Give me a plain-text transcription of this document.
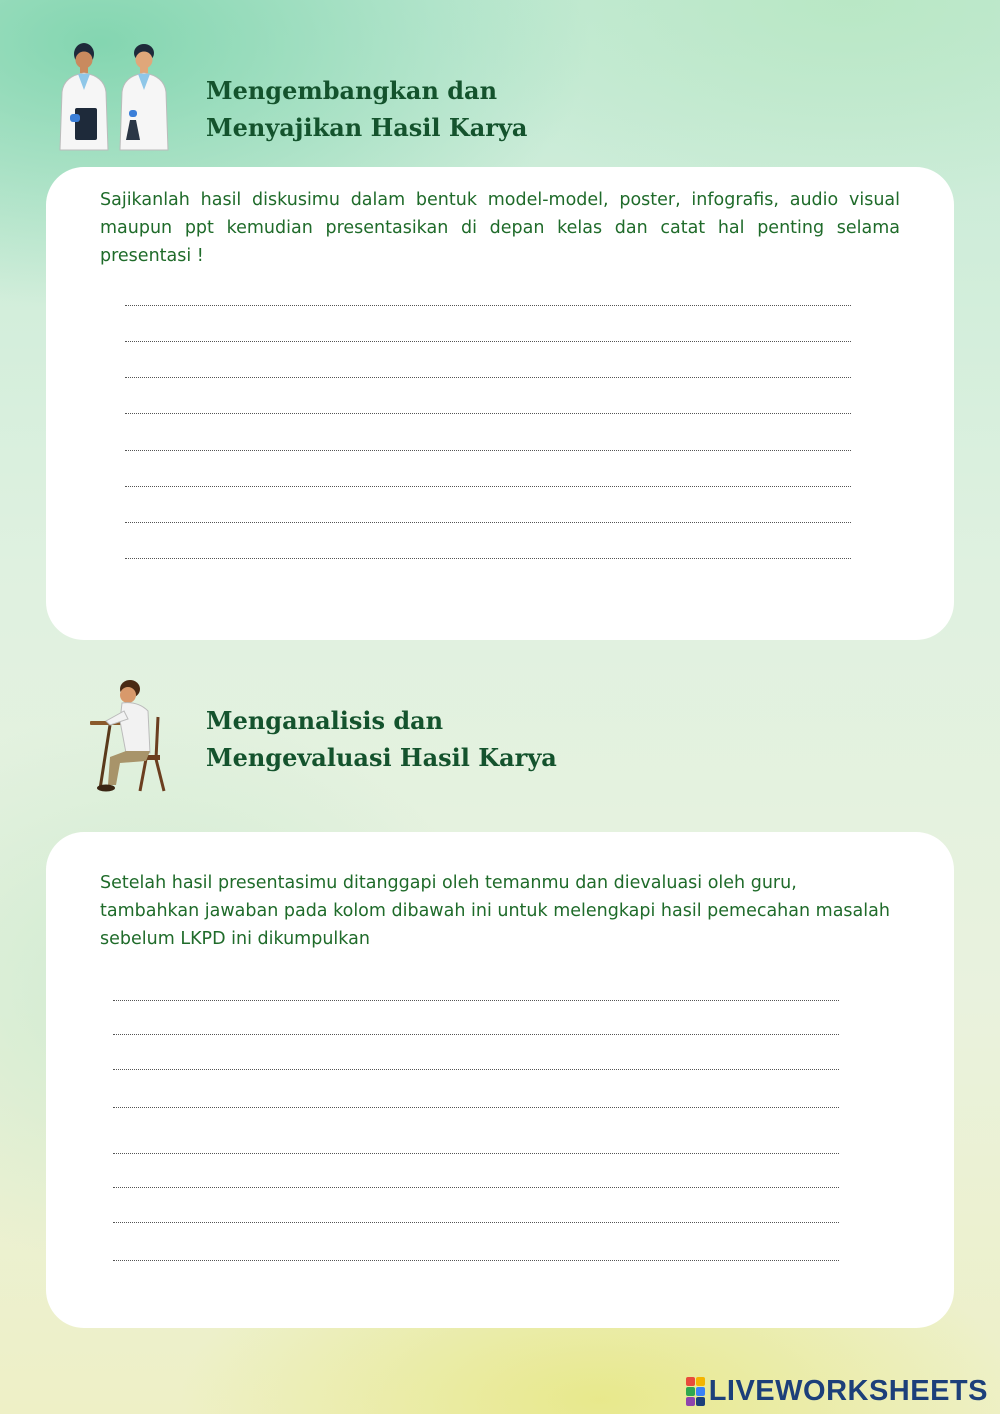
Mengembangkan dan
Menyajikan Hasil Karya

Sajikanlah hasil diskusimu dalam bentuk model-model, poster, infografis, audio visual maupun ppt kemudian presentasikan di depan kelas dan catat hal penting selama presentasi !

Menganalisis dan
Mengevaluasi Hasil Karya

Setelah hasil presentasimu ditanggapi oleh temanmu dan dievaluasi oleh guru, tambahkan jawaban pada kolom dibawah ini untuk melengkapi hasil pemecahan masalah sebelum LKPD ini dikumpulkan

LIVEWORKSHEETS
